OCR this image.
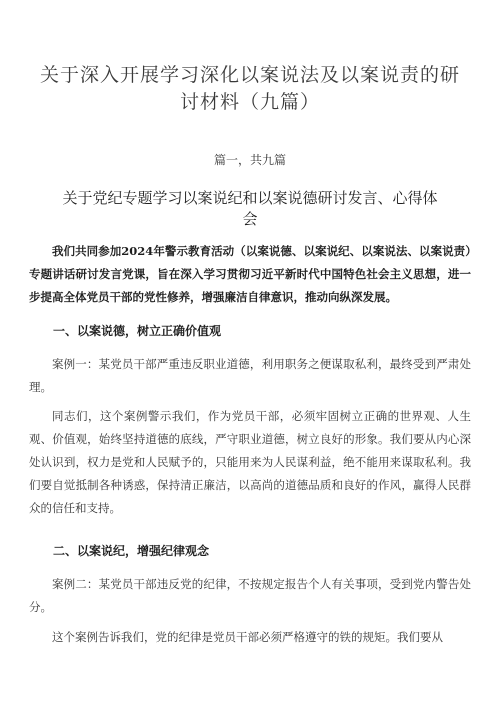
关于深入开展学习深化以案说法及以案说责的研讨材料（九篇）
篇一，共九篇
关于党纪专题学习以案说纪和以案说德研讨发言、心得体会

我们共同参加2024年警示教育活动（以案说德、以案说纪、以案说法、以案说责）专题讲话研讨发言党课，旨在深入学习贯彻习近平新时代中国特色社会主义思想，进一步提高全体党员干部的党性修养，增强廉洁自律意识，推动向纵深发展。

一、以案说德，树立正确价值观

案例一：某党员干部严重违反职业道德，利用职务之便谋取私利，最终受到严肃处理。

同志们，这个案例警示我们，作为党员干部，必须牢固树立正确的世界观、人生观、价值观，始终坚持道德的底线，严守职业道德，树立良好的形象。我们要从内心深处认识到，权力是党和人民赋予的，只能用来为人民谋利益，绝不能用来谋取私利。我们要自觉抵制各种诱惑，保持清正廉洁，以高尚的道德品质和良好的作风，赢得人民群众的信任和支持。

二、以案说纪，增强纪律观念

案例二：某党员干部违反党的纪律，不按规定报告个人有关事项，受到党内警告处分。

这个案例告诉我们，党的纪律是党员干部必须严格遵守的铁的规矩。我们要从
